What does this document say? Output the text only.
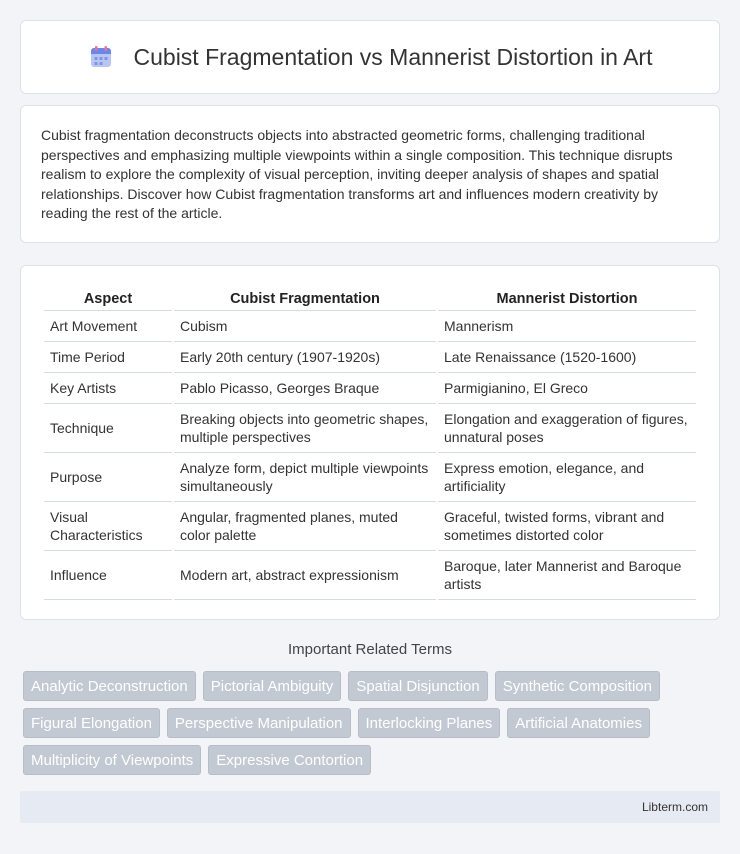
Cubist Fragmentation vs Mannerist Distortion in Art

Cubist fragmentation deconstructs objects into abstracted geometric forms, challenging traditional perspectives and emphasizing multiple viewpoints within a single composition. This technique disrupts realism to explore the complexity of visual perception, inviting deeper analysis of shapes and spatial relationships. Discover how Cubist fragmentation transforms art and influences modern creativity by reading the rest of the article.

Aspect	Cubist Fragmentation	Mannerist Distortion
Art Movement	Cubism	Mannerism
Time Period	Early 20th century (1907-1920s)	Late Renaissance (1520-1600)
Key Artists	Pablo Picasso, Georges Braque	Parmigianino, El Greco
Technique	Breaking objects into geometric shapes, multiple perspectives	Elongation and exaggeration of figures, unnatural poses
Purpose	Analyze form, depict multiple viewpoints simultaneously	Express emotion, elegance, and artificiality
Visual Characteristics	Angular, fragmented planes, muted color palette	Graceful, twisted forms, vibrant and sometimes distorted color
Influence	Modern art, abstract expressionism	Baroque, later Mannerist and Baroque artists
Important Related Terms
Analytic Deconstruction	Pictorial Ambiguity	Spatial Disjunction	Synthetic Composition
Figural Elongation	Perspective Manipulation	Interlocking Planes	Artificial Anatomies
Multiplicity of Viewpoints	Expressive Contortion
Libterm.com
